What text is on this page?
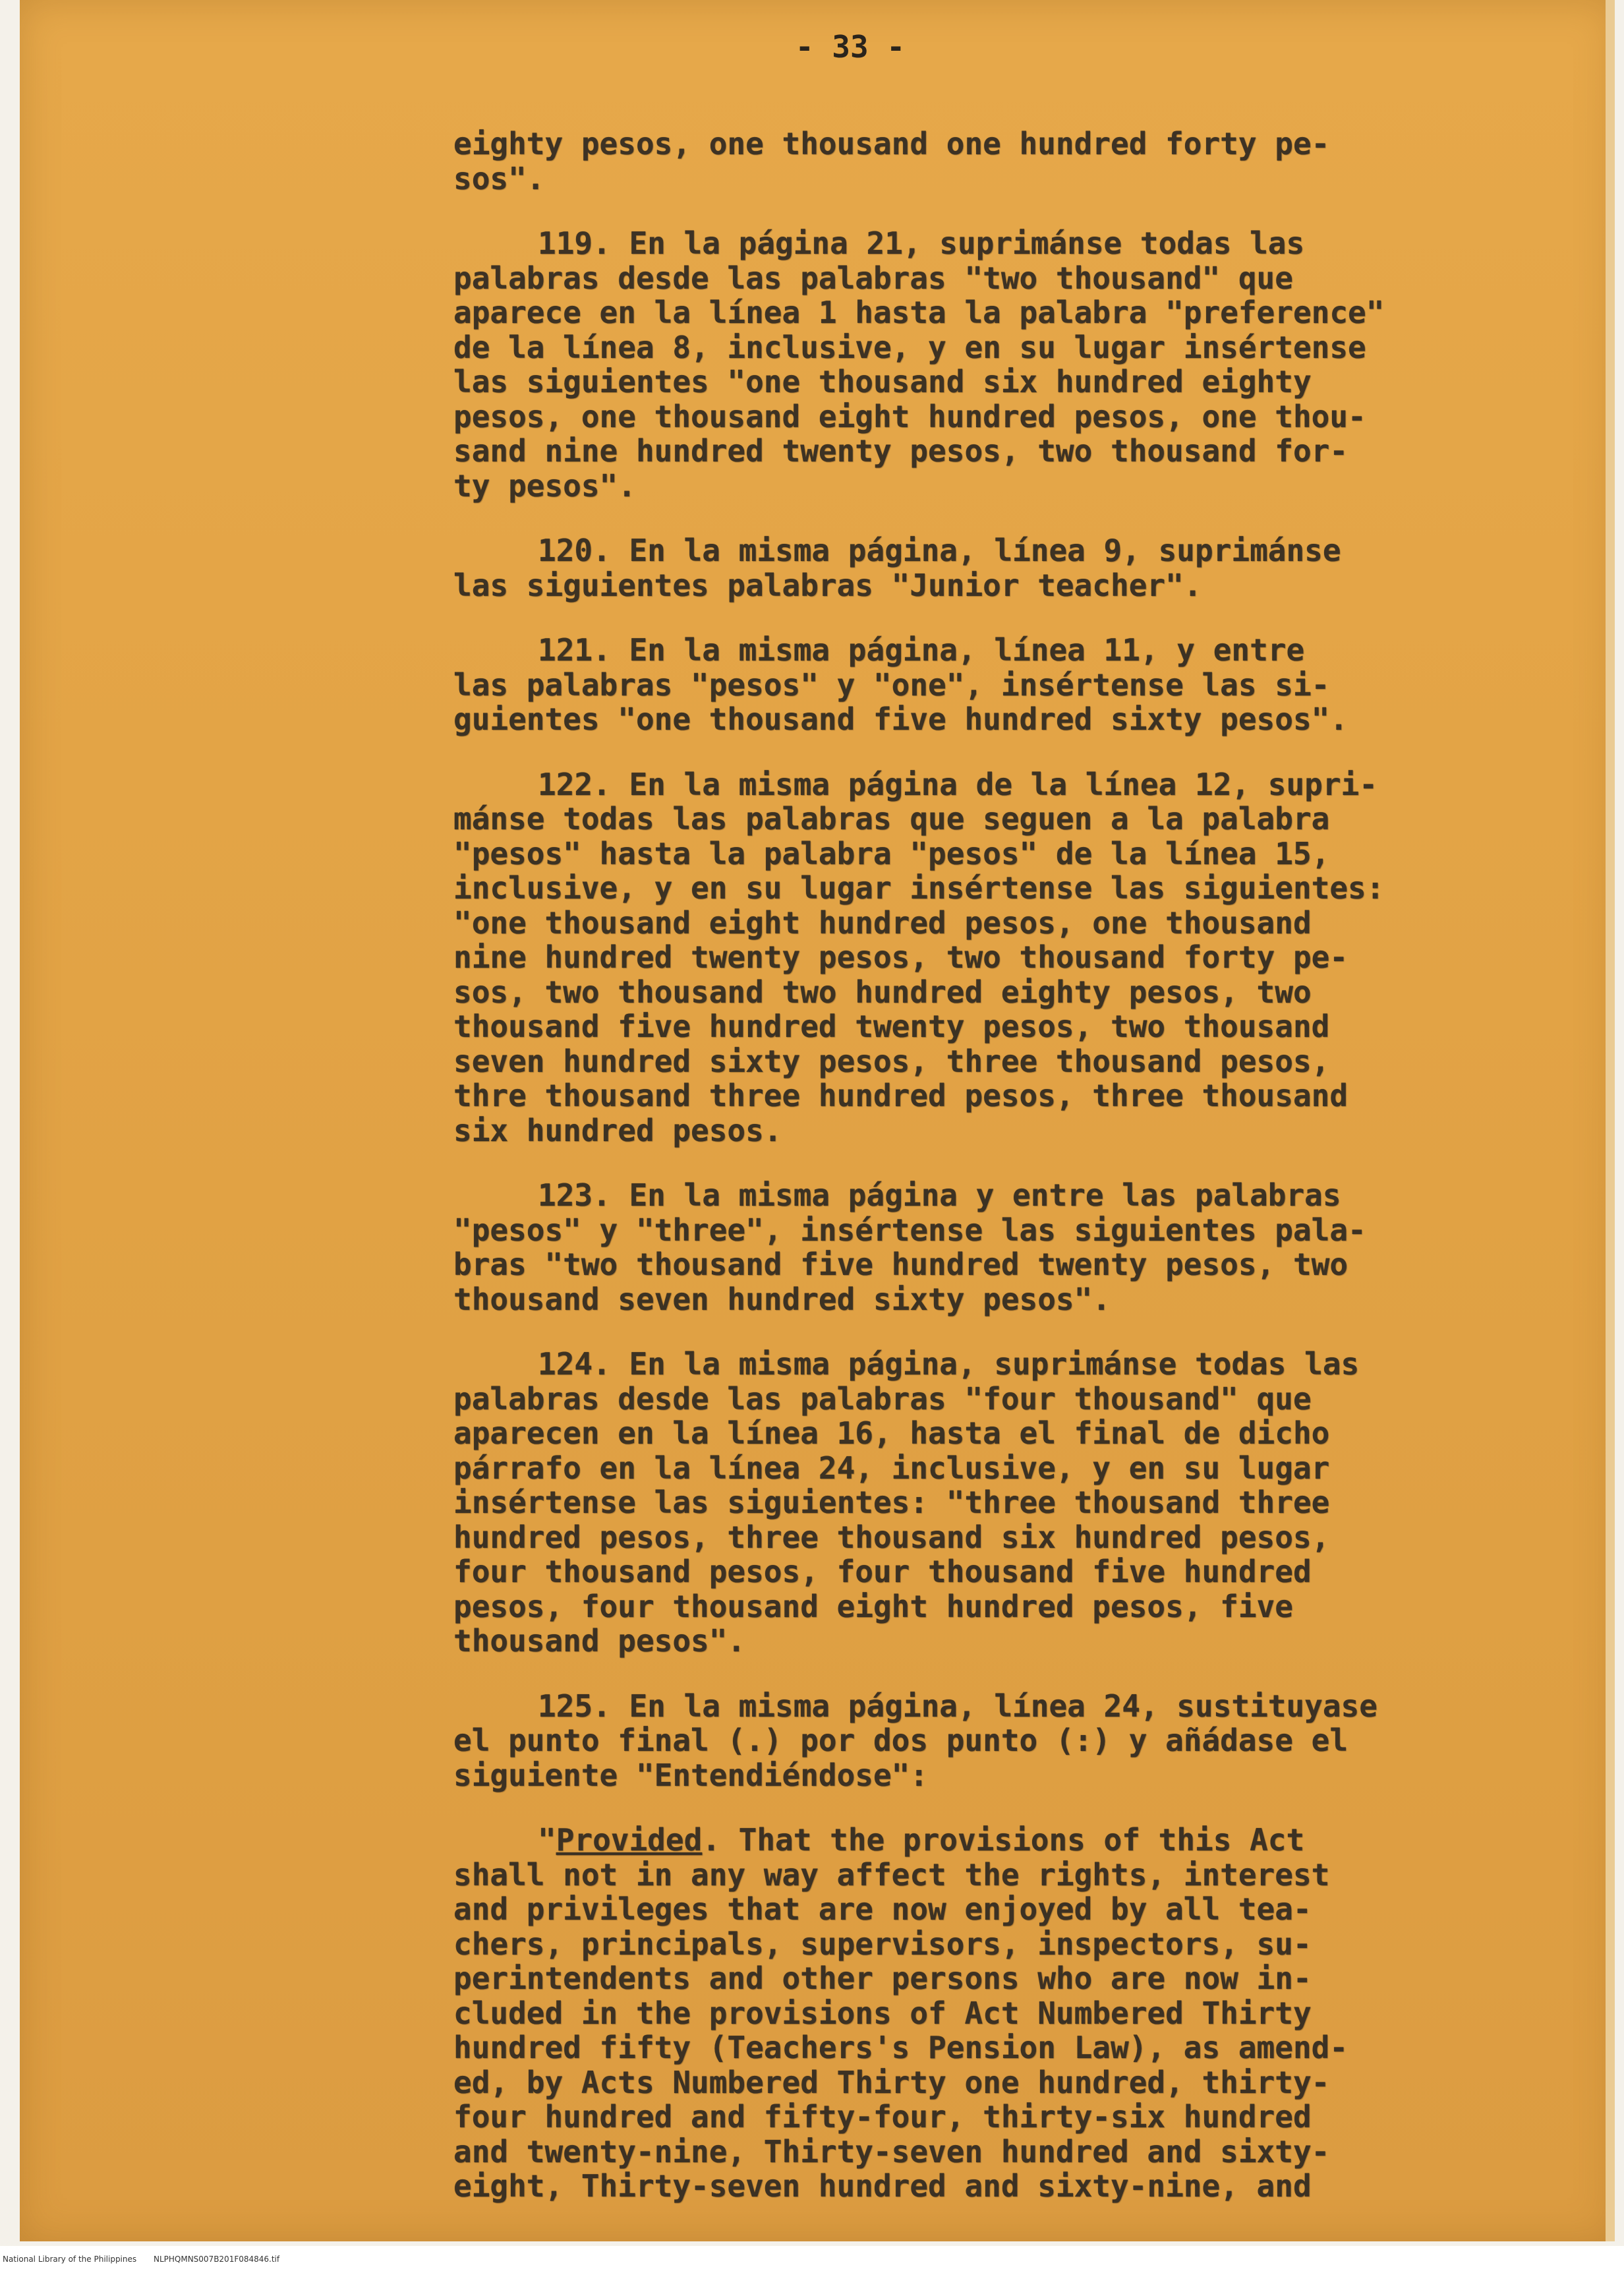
- 33 -
eighty pesos, one thousand one hundred forty pe-
sos".
119. En la página 21, suprimánse todas las
palabras desde las palabras "two thousand" que
aparece en la línea 1 hasta la palabra "preference"
de la línea 8, inclusive, y en su lugar insértense
las siguientes "one thousand six hundred eighty
pesos, one thousand eight hundred pesos, one thou-
sand nine hundred twenty pesos, two thousand for-
ty pesos".
120. En la misma página, línea 9, suprimánse
las siguientes palabras "Junior teacher".
121. En la misma página, línea 11, y entre
las palabras "pesos" y "one", insértense las si-
guientes "one thousand five hundred sixty pesos".
122. En la misma página de la línea 12, supri-
mánse todas las palabras que seguen a la palabra
"pesos" hasta la palabra "pesos" de la línea 15,
inclusive, y en su lugar insértense las siguientes:
"one thousand eight hundred pesos, one thousand
nine hundred twenty pesos, two thousand forty pe-
sos, two thousand two hundred eighty pesos, two
thousand five hundred twenty pesos, two thousand
seven hundred sixty pesos, three thousand pesos,
thre thousand three hundred pesos, three thousand
six hundred pesos.
123. En la misma página y entre las palabras
"pesos" y "three", insértense las siguientes pala-
bras "two thousand five hundred twenty pesos, two
thousand seven hundred sixty pesos".
124. En la misma página, suprimánse todas las
palabras desde las palabras "four thousand" que
aparecen en la línea 16, hasta el final de dicho
párrafo en la línea 24, inclusive, y en su lugar
insértense las siguientes: "three thousand three
hundred pesos, three thousand six hundred pesos,
four thousand pesos, four thousand five hundred
pesos, four thousand eight hundred pesos, five
thousand pesos".
125. En la misma página, línea 24, sustituyase
el punto final (.) por dos punto (:) y añádase el
siguiente "Entendiéndose":
"Provided. That the provisions of this Act
shall not in any way affect the rights, interest
and privileges that are now enjoyed by all tea-
chers, principals, supervisors, inspectors, su-
perintendents and other persons who are now in-
cluded in the provisions of Act Numbered Thirty
hundred fifty (Teachers's Pension Law), as amend-
ed, by Acts Numbered Thirty one hundred, thirty-
four hundred and fifty-four, thirty-six hundred
and twenty-nine, Thirty-seven hundred and sixty-
eight, Thirty-seven hundred and sixty-nine, and
National Library of the Philippines NLPHQMNS007B201F084846.tif
